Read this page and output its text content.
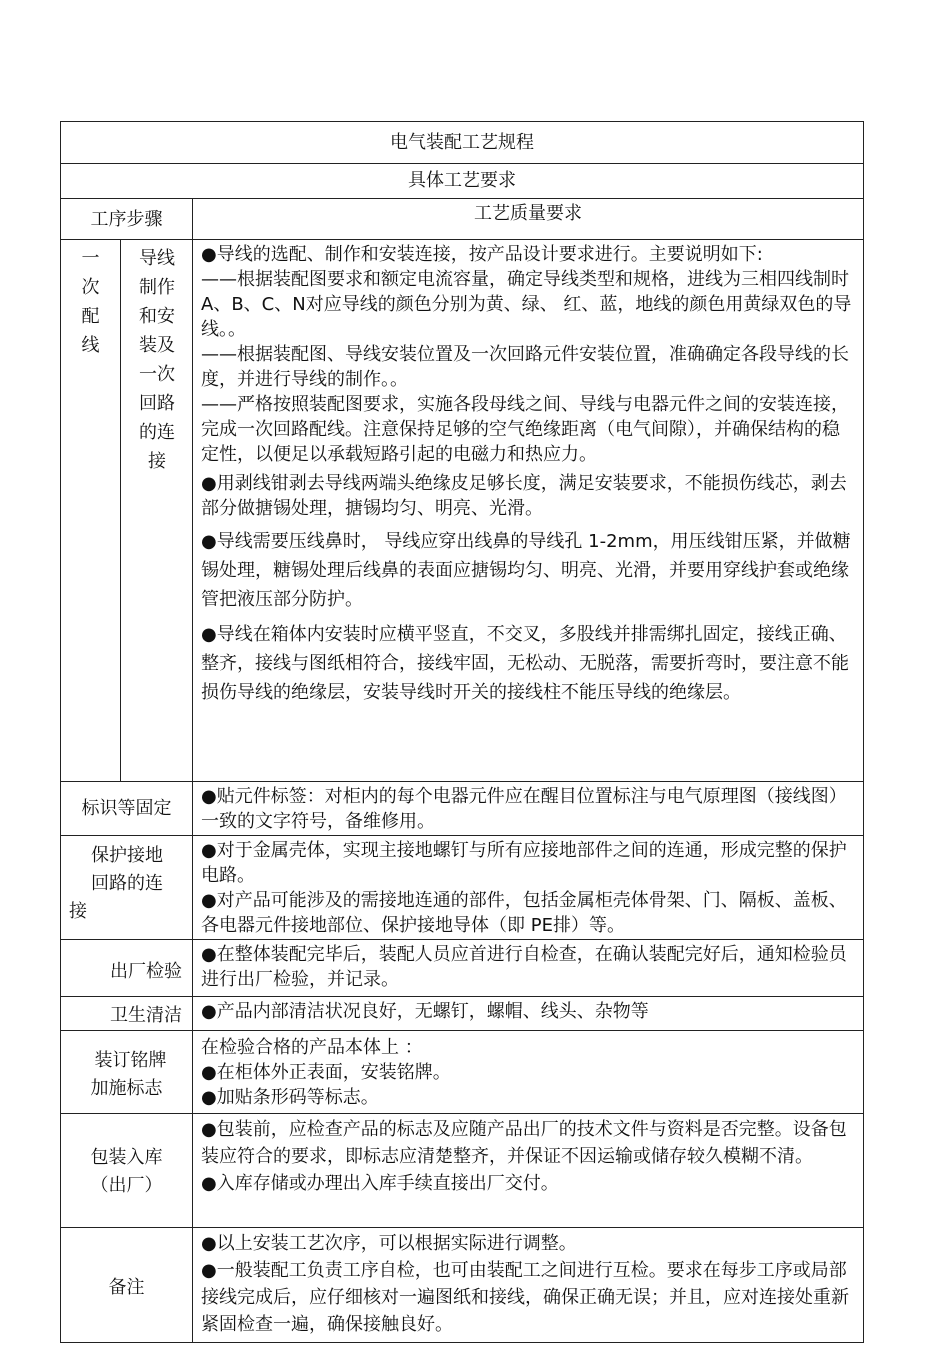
电气装配工艺规程
具体工艺要求
工序步骤	工艺质量要求
一
次
配
线
导线
制作
和安
装及
一次
回路
的连
接

●导线的选配、制作和安装连接，按产品设计要求进行。主要说明如下:

——根据装配图要求和额定电流容量，确定导线类型和规格，进线为三相四线制时 A、B、C、N对应导线的颜色分别为黄、绿、 红、蓝，地线的颜色用黄绿双色的导线。。

——根据装配图、导线安装位置及一次回路元件安装位置，准确确定各段导线的长度，并进行导线的制作。。

——严格按照装配图要求，实施各段母线之间、导线与电器元件之间的安装连接，完成一次回路配线。注意保持足够的空气绝缘距离（电气间隙），并确保结构的稳定性，以便足以承载短路引起的电磁力和热应力。

●用剥线钳剥去导线两端头绝缘皮足够长度，满足安装要求，不能损伤线芯，剥去部分做搪锡处理，搪锡均匀、明亮、光滑。

●导线需要压线鼻时， 导线应穿出线鼻的导线孔 1-2mm，用压线钳压紧，并做糖锡处理，糖锡处理后线鼻的表面应搪锡均匀、明亮、光滑，并要用穿线护套或绝缘管把液压部分防护。

●导线在箱体内安装时应横平竖直，不交叉，多股线并排需绑扎固定，接线正确、整齐，接线与图纸相符合，接线牢固，无松动、无脱落，需要折弯时，要注意不能损伤导线的绝缘层，安装导线时开关的接线柱不能压导线的绝缘层。

标识等固定

●贴元件标签：对柜内的每个电器元件应在醒目位置标注与电气原理图（接线图）一致的文字符号，备维修用。

保护接地
回路的连
接

●对于金属壳体，实现主接地螺钉与所有应接地部件之间的连通，形成完整的保护电路。

●对产品可能涉及的需接地连通的部件，包括金属柜壳体骨架、门、隔板、盖板、各电器元件接地部位、保护接地导体（即 PE排）等。

出厂检验

●在整体装配完毕后，装配人员应首进行自检查，在确认装配完好后，通知检验员进行出厂检验，并记录。

卫生清洁	●产品内部清洁状况良好，无螺钉，螺帽、线头、杂物等

装订铭牌
加施标志

在检验合格的产品本体上 ：

●在柜体外正表面，安装铭牌。

●加贴条形码等标志。

包装入库
（出厂）

●包装前，应检查产品的标志及应随产品出厂的技术文件与资料是否完整。设备包装应符合的要求，即标志应清楚整齐，并保证不因运输或储存较久模糊不清。

●入库存储或办理出入库手续直接出厂交付。

备注

●以上安装工艺次序，可以根据实际进行调整。

●一般装配工负责工序自检，也可由装配工之间进行互检。要求在每步工序或局部接线完成后，应仔细核对一遍图纸和接线，确保正确无误；并且，应对连接处重新紧固检查一遍，确保接触良好。
